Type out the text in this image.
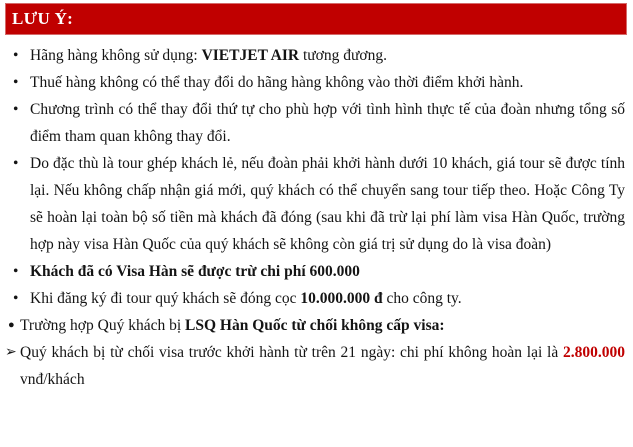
LƯU Ý:
• Hãng hàng không sử dụng: VIETJET AIR tương đương.

• Thuế hàng không có thể thay đổi do hãng hàng không vào thời điểm khởi hành.

• Chương trình có thể thay đổi thứ tự cho phù hợp với tình hình thực tế của đoàn nhưng tổng số điểm tham quan không thay đổi.

• Do đặc thù là tour ghép khách lẻ, nếu đoàn phải khởi hành dưới 10 khách, giá tour sẽ được tính lại. Nếu không chấp nhận giá mới, quý khách có thể chuyển sang tour tiếp theo. Hoặc Công Ty sẽ hoàn lại toàn bộ số tiền mà khách đã đóng (sau khi đã trừ lại phí làm visa Hàn Quốc, trường hợp này visa Hàn Quốc của quý khách sẽ không còn giá trị sử dụng do là visa đoàn)

• Khách đã có Visa Hàn sẽ được trừ chi phí 600.000

• Khi đăng ký đi tour quý khách sẽ đóng cọc 10.000.000 đ cho công ty.

● Trường hợp Quý khách bị LSQ Hàn Quốc từ chối không cấp visa:

➢ Quý khách bị từ chối visa trước khởi hành từ trên 21 ngày: chi phí không hoàn lại là 2.800.000 vnđ/khách
